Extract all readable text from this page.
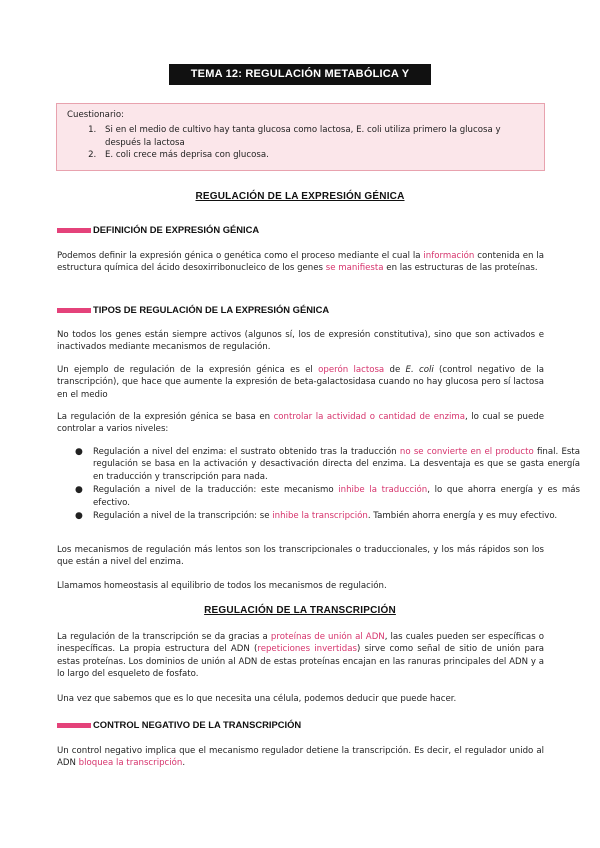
TEMA 12: REGULACIÓN METABÓLICA Y GENÓMICA
Cuestionario:
1. Si en el medio de cultivo hay tanta glucosa como lactosa, E. coli utiliza primero la glucosa y después la lactosa
2. E. coli crece más deprisa con glucosa.
REGULACIÓN DE LA EXPRESIÓN GÉNICA
DEFINICIÓN DE EXPRESIÓN GÉNICA

Podemos definir la expresión génica o genética como el proceso mediante el cual la información contenida en la estructura química del ácido desoxirribonucleico de los genes se manifiesta en las estructuras de las proteínas.

TIPOS DE REGULACIÓN DE LA EXPRESIÓN GÉNICA

No todos los genes están siempre activos (algunos sí, los de expresión constitutiva), sino que son activados e inactivados mediante mecanismos de regulación.

Un ejemplo de regulación de la expresión génica es el operón lactosa de E. coli (control negativo de la transcripción), que hace que aumente la expresión de beta-galactosidasa cuando no hay glucosa pero sí lactosa en el medio

La regulación de la expresión génica se basa en controlar la actividad o cantidad de enzima, lo cual se puede controlar a varios niveles:

● Regulación a nivel del enzima: el sustrato obtenido tras la traducción no se convierte en el producto final. Esta regulación se basa en la activación y desactivación directa del enzima. La desventaja es que se gasta energía en traducción y transcripción para nada.
● Regulación a nivel de la traducción: este mecanismo inhibe la traducción, lo que ahorra energía y es más efectivo.
● Regulación a nivel de la transcripción: se inhibe la transcripción. También ahorra energía y es muy efectivo.

Los mecanismos de regulación más lentos son los transcripcionales o traduccionales, y los más rápidos son los que están a nivel del enzima.

Llamamos homeostasis al equilibrio de todos los mecanismos de regulación.

REGULACIÓN DE LA TRANSCRIPCIÓN

La regulación de la transcripción se da gracias a proteínas de unión al ADN, las cuales pueden ser específicas o inespecíficas. La propia estructura del ADN (repeticiones invertidas) sirve como señal de sitio de unión para estas proteínas. Los dominios de unión al ADN de estas proteínas encajan en las ranuras principales del ADN y a lo largo del esqueleto de fosfato.

Una vez que sabemos que es lo que necesita una célula, podemos deducir que puede hacer.

CONTROL NEGATIVO DE LA TRANSCRIPCIÓN

Un control negativo implica que el mecanismo regulador detiene la transcripción. Es decir, el regulador unido al ADN bloquea la transcripción.
